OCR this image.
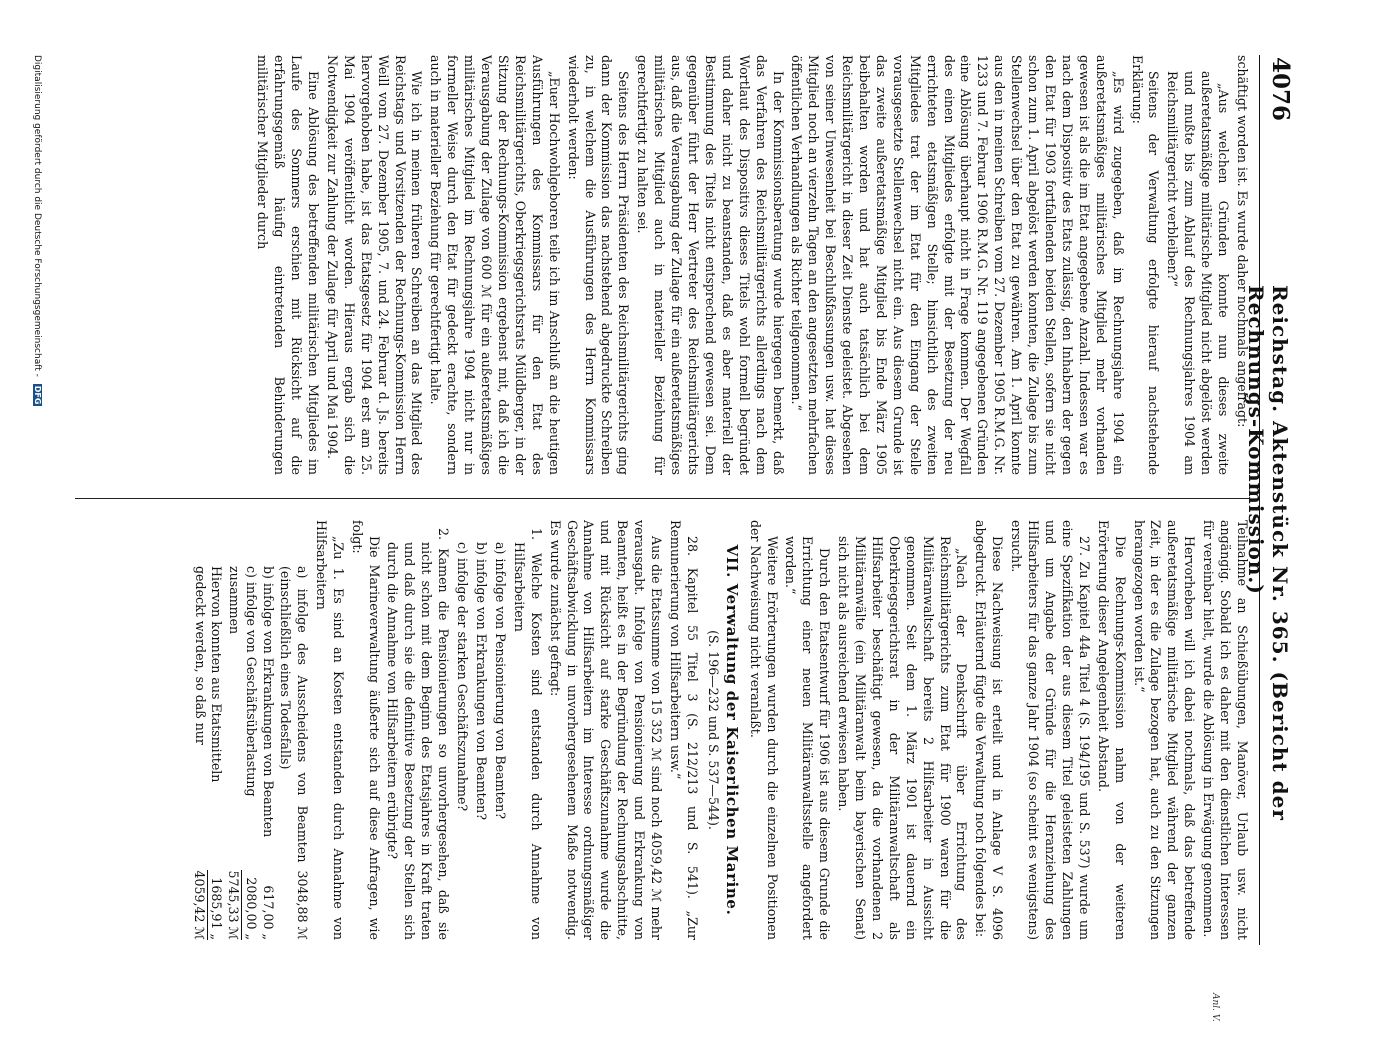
4076
Reichstag. Aktenstück Nr. 365. (Bericht der Rechnungs-Kommission.)

schäftigt worden ist. Es wurde daher nochmals angefragt:

„Aus welchen Gründen konnte nun dieses zweite außeretatsmäßige militärische Mitglied nicht abgelöst werden und mußte bis zum Ablauf des Rechnungsjahres 1904 am Reichsmilitärgericht verbleiben?“

Seitens der Verwaltung erfolgte hierauf nachstehende Erklärung:

„Es wird zugegeben, daß im Rechnungsjahre 1904 ein außeretatsmäßiges militärisches Mitglied mehr vorhanden gewesen ist als die im Etat angegebene Anzahl. Indessen war es nach dem Dispositiv des Etats zulässig, den Inhabern der gegen den Etat für 1903 fortfallenden beiden Stellen, sofern sie nicht schon zum 1. April abgelöst werden konnten, die Zulage bis zum Stellenwechsel über den Etat zu gewähren. Am 1. April konnte aus den in meinen Schreiben vom 27. Dezember 1905 R.M.G. Nr. 1233 und 7. Februar 1906 R.M.G. Nr. 119 angegebenen Gründen eine Ablösung überhaupt nicht in Frage kommen. Der Wegfall des einen Mitgliedes erfolgte mit der Besetzung der neu errichteten etatsmäßigen Stelle; hinsichtlich des zweiten Mitgliedes trat der im Etat für den Eingang der Stelle vorausgesetzte Stellenwechsel nicht ein. Aus diesem Grunde ist das zweite außeretatsmäßige Mitglied bis Ende März 1905 beibehalten worden und hat auch tatsächlich bei dem Reichsmilitärgericht in dieser Zeit Dienste geleistet. Abgesehen von seiner Unwesenheit bei Beschlußfassungen usw. hat dieses Mitglied noch an vierzehn Tagen an den angesetzten mehrfachen öffentlichen Verhandlungen als Richter teilgenommen.“

In der Kommissionsberatung wurde hiergegen bemerkt, daß das Verfahren des Reichsmilitärgerichts allerdings nach dem Wortlaut des Dispositivs dieses Titels wohl formell begründet und daher nicht zu beanstanden, daß es aber materiell der Bestimmung des Titels nicht entsprechend gewesen sei. Dem gegenüber führt der Herr Vertreter des Reichsmilitärgerichts aus, daß die Verausgabung der Zulage für ein außeretatsmäßiges militärisches Mitglied auch in materieller Beziehung für gerechtfertigt zu halten sei.

Seitens des Herrn Präsidenten des Reichsmilitärgerichts ging dann der Kommission das nachstehend abgedruckte Schreiben zu, in welchem die Ausführungen des Herrn Kommissars wiederholt werden:

„Euer Hochwohlgeboren teile ich im Anschluß an die heutigen Ausführungen des Kommissars für den Etat des Reichsmilitärgerichts, Oberkriegsgerichtsrats Müldberger, in der Sitzung der Rechnungs-Kommission ergebenst mit, daß ich die Verausgabung der Zulage von 600 ℳ für ein außeretatsmäßiges militärisches Mitglied im Rechnungsjahre 1904 nicht nur in formeller Weise durch den Etat für gedeckt erachte, sondern auch in materieller Beziehung für gerechtfertigt halte.

Wie ich in meinen früheren Schreiben an das Mitglied des Reichstags und Vorsitzenden der Rechnungs-Kommission Herrn Weill vom 27. Dezember 1905, 7. und 24. Februar d. Js. bereits hervorgehoben habe, ist das Etatsgesetz für 1904 erst am 25. Mai 1904 veröffentlicht worden. Hieraus ergab sich die Notwendigkeit zur Zahlung der Zulage für April und Mai 1904.

Eine Ablösung des betreffenden militärischen Mitgliedes im Laufe des Sommers erschien mit Rücksicht auf die erfahrungsgemäß häufig eintretenden Behinderungen militärischer Mitglieder durch

Teilnahme an Schießübungen, Manöver, Urlaub usw. nicht angängig. Sobald ich es daher mit den dienstlichen Interessen für vereinbar hielt, wurde die Ablösung in Erwägung genommen.

Hervorheben will ich dabei nochmals, daß das betreffende außeretatsmäßige militärische Mitglied während der ganzen Zeit, in der es die Zulage bezogen hat, auch zu den Sitzungen herangezogen worden ist.“

Die Rechnungs-Kommission nahm von der weiteren Erörterung dieser Angelegenheit Abstand.

27. Zu Kapitel 44a Titel 4 (S. 194/195 und S. 537) wurde um eine Spezifikation der aus diesem Titel geleisteten Zahlungen und um Angabe der Gründe für die Heranziehung des Hilfsarbeiters für das ganze Jahr 1904 (so scheint es wenigstens) ersucht.

Diese Nachweisung ist erteilt und in Anlage V S. 4096 abgedruckt. Erläuternd fügte die Verwaltung noch folgendes bei:

„Nach der Denkschrift über Errichtung des Reichsmilitärgerichts zum Etat für 1900 waren für die Militäranwaltschaft bereits 2 Hilfsarbeiter in Aussicht genommen. Seit dem 1. März 1901 ist dauernd ein Oberkriegsgerichtsrat in der Militäranwaltschaft als Hilfsarbeiter beschäftigt gewesen, da die vorhandenen 2 Militäranwälte (ein Militäranwalt beim bayerischen Senat) sich nicht als ausreichend erwiesen haben.

Durch den Etatsentwurf für 1906 ist aus diesem Grunde die Errichtung einer neuen Militäranwaltsstelle angefordert worden.“

Weitere Erörterungen wurden durch die einzelnen Positionen der Nachweisung nicht veranlaßt.

VII. Verwaltung der Kaiserlichen Marine.
(S. 196—232 und S. 537—544).

28. Kapitel 55 Titel 3 (S. 212/213 und S. 541). „Zur Remunerierung von Hilfsarbeitern usw.“

Aus die Etatssumme von 15 352 ℳ sind noch 4059,42 ℳ mehr verausgabt. Infolge von Pensionierung und Erkrankung von Beamten, heißt es in der Begründung der Rechnungsabschnitte, und mit Rücksicht auf starke Geschäftszunahme wurde die Annahme von Hilfsarbeitern im Interesse ordnungsmäßiger Geschäftsabwicklung in unvorhergesehenem Maße notwendig. Es wurde zunächst gefragt:

1. Welche Kosten sind entstanden durch Annahme von Hilfsarbeitern

a) infolge von Pensionierung von Beamten?

b) infolge von Erkrankungen von Beamten?

c) infolge der starken Geschäftszunahme?

2. Kamen die Pensionierungen so unvorhergesehen, daß sie nicht schon mit dem Beginn des Etatsjahres in Kraft traten und daß durch sie die definitive Besetzung der Stellen sich durch die Annahme von Hilfsarbeitern erübrigte?

Die Marineverwaltung äußerte sich auf diese Anfragen, wie folgt:

„Zu 1. Es sind an Kosten entstanden durch Annahme von Hilfsarbeitern

a) infolge des Ausscheidens von Beamten (einschließlich eines Todesfalls)
3048,88 ℳ
b) infolge von Erkrankungen von Beamten
617,00 „
c) infolge von Geschäftsüberlastung
2080,00 „
zusammen
5745,33 ℳ
Hiervon konnten aus Etatsmitteln
1685,91 „
gedeckt werden, so daß nur
4059,42 ℳ
Anl. V.
Digitalisierung gefördert durch die Deutsche Forschungsgemeinschaft - DFG
